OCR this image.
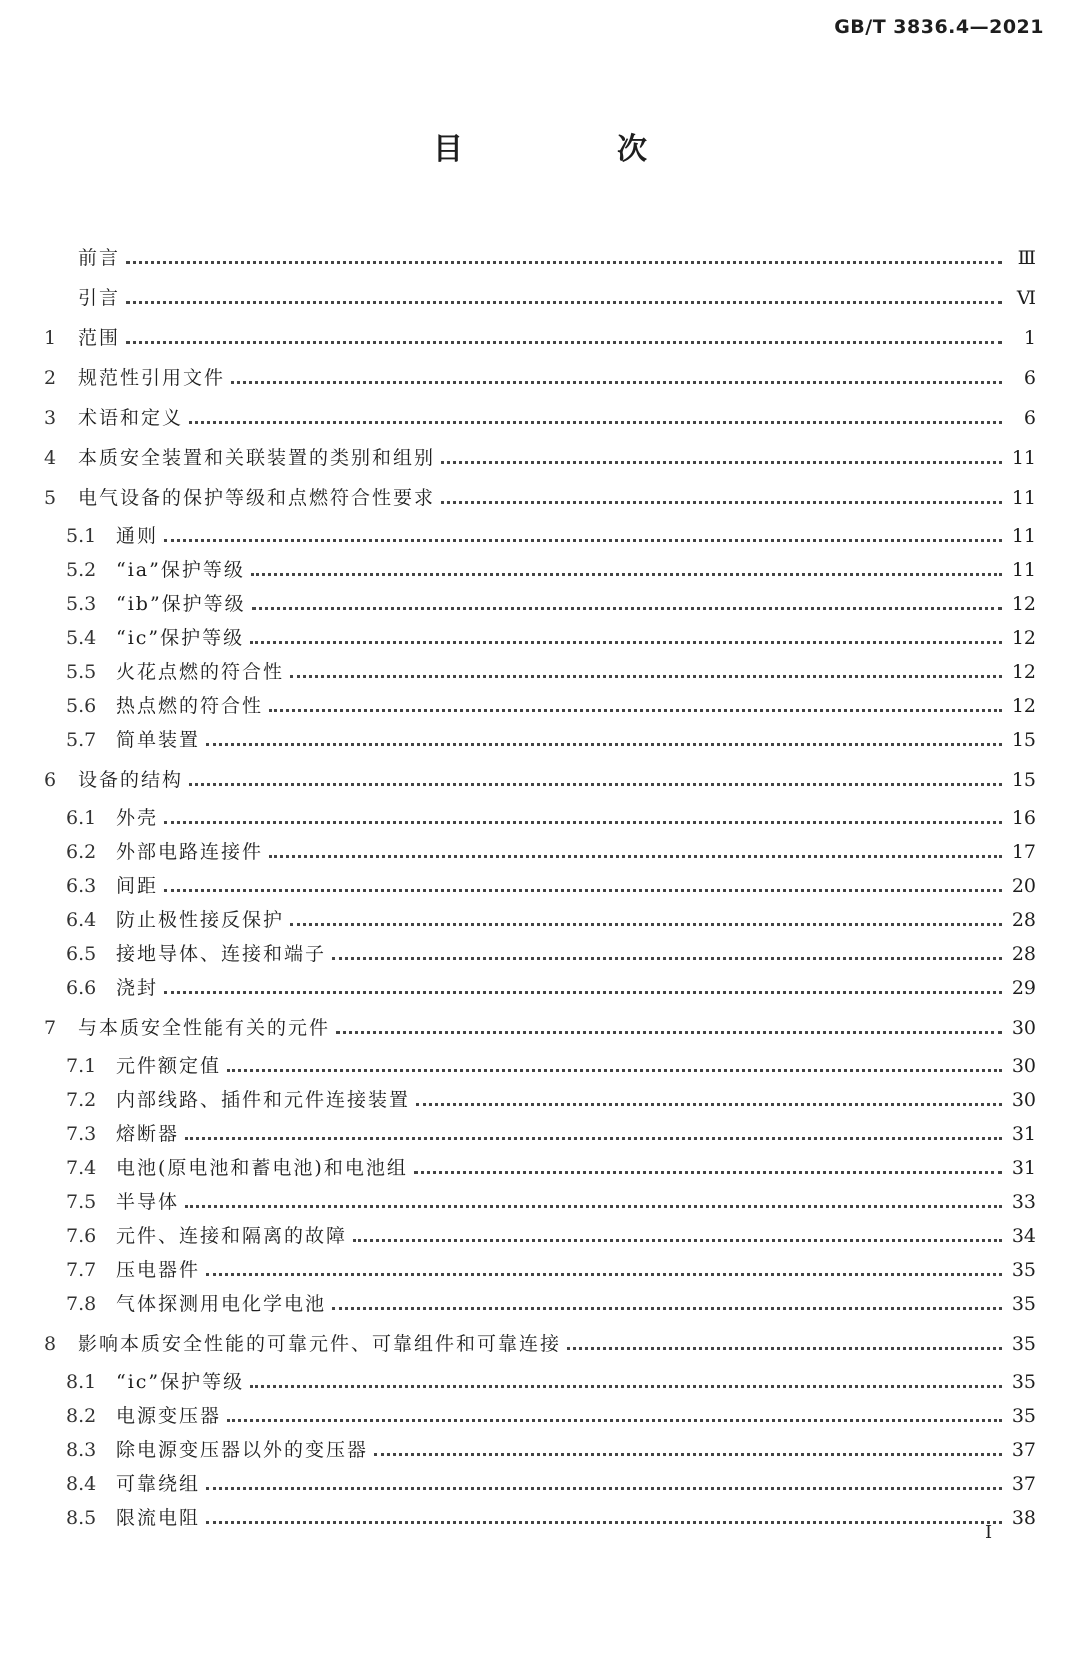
GB/T 3836.4—2021

目　次
前言	Ⅲ
引言	Ⅵ
1	范围	1
2	规范性引用文件	6
3	术语和定义	6
4	本质安全装置和关联装置的类别和组别	11
5	电气设备的保护等级和点燃符合性要求	11
5.1	通则	11
5.2	“ia”保护等级	11
5.3	“ib”保护等级	12
5.4	“ic”保护等级	12
5.5	火花点燃的符合性	12
5.6	热点燃的符合性	12
5.7	简单装置	15
6	设备的结构	15
6.1	外壳	16
6.2	外部电路连接件	17
6.3	间距	20
6.4	防止极性接反保护	28
6.5	接地导体、连接和端子	28
6.6	浇封	29
7	与本质安全性能有关的元件	30
7.1	元件额定值	30
7.2	内部线路、插件和元件连接装置	30
7.3	熔断器	31
7.4	电池(原电池和蓄电池)和电池组	31
7.5	半导体	33
7.6	元件、连接和隔离的故障	34
7.7	压电器件	35
7.8	气体探测用电化学电池	35
8	影响本质安全性能的可靠元件、可靠组件和可靠连接	35
8.1	“ic”保护等级	35
8.2	电源变压器	35
8.3	除电源变压器以外的变压器	37
8.4	可靠绕组	37
8.5	限流电阻	38

Ⅰ
